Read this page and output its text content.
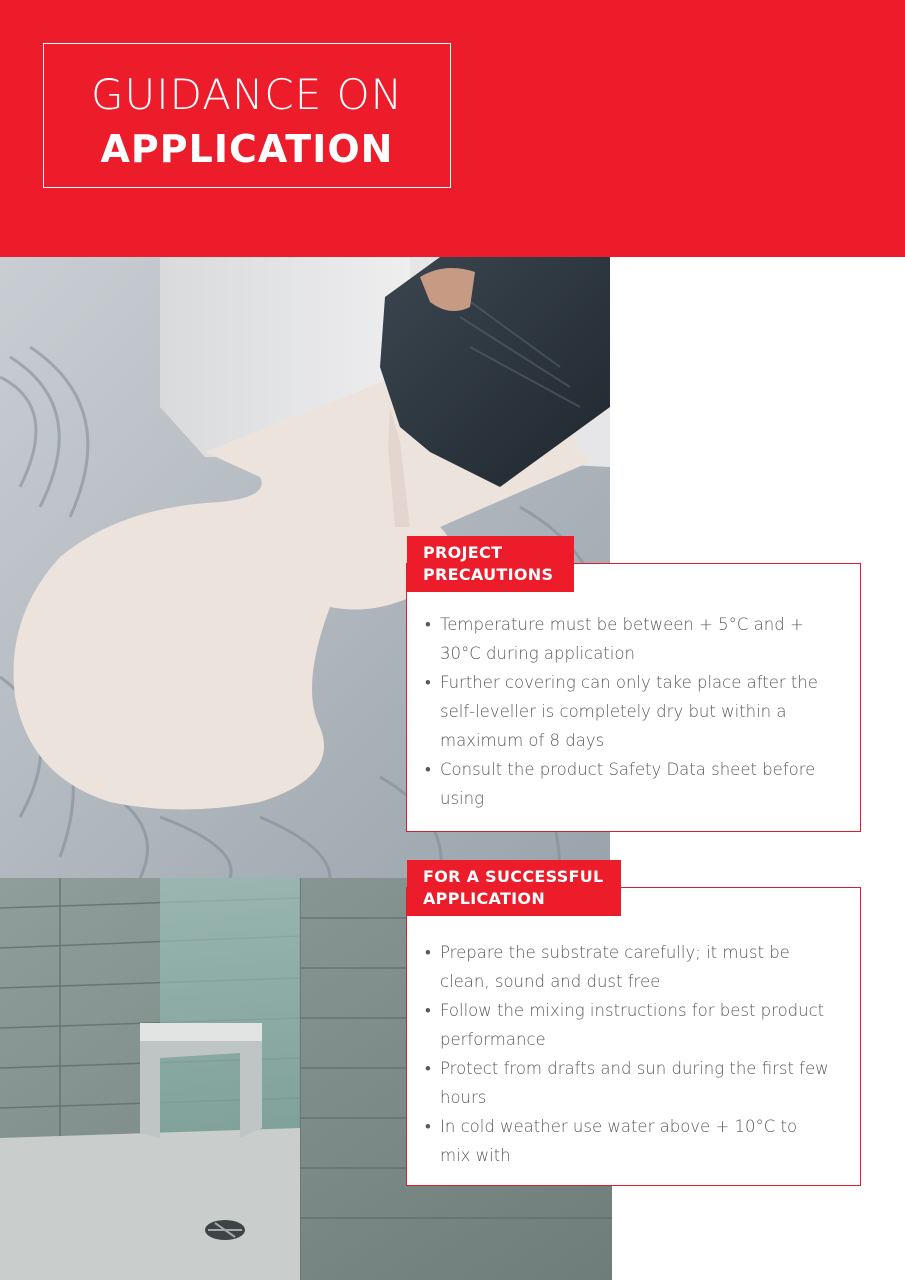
GUIDANCE ON
APPLICATION
PROJECT
PRECAUTIONS
• Temperature must be between + 5°C and + 30°C during application
• Further covering can only take place after the self-leveller is completely dry but within a maximum of 8 days
• Consult the product Safety Data sheet before using
FOR A SUCCESSFUL
APPLICATION
• Prepare the substrate carefully; it must be clean, sound and dust free
• Follow the mixing instructions for best product performance
• Protect from drafts and sun during the first few hours
• In cold weather use water above + 10°C to mix with
